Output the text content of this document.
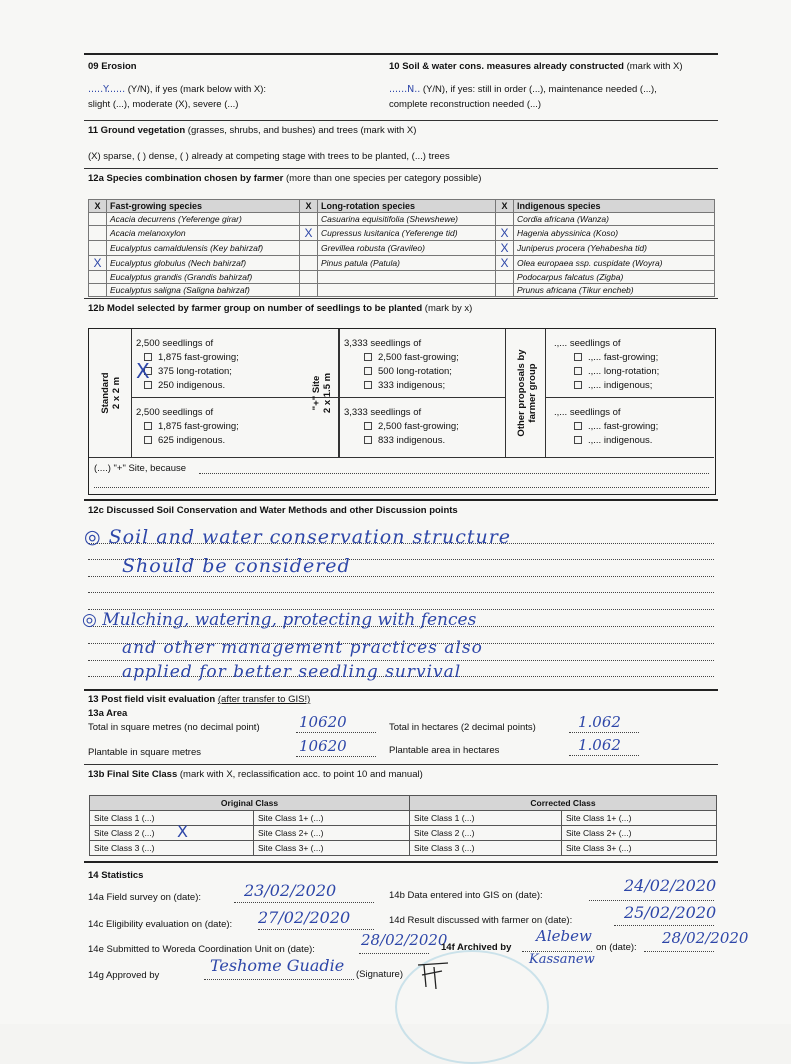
09 Erosion
.....Y...... (Y/N), if yes (mark below with X):
slight (...), moderate (X), severe (...)
10 Soil & water cons. measures already constructed (mark with X)
......N.. (Y/N), if yes: still in order (...), maintenance needed (...),
complete reconstruction needed (...)
11 Ground vegetation (grasses, shrubs, and bushes) and trees (mark with X)
(X) sparse, ( ) dense, ( ) already at competing stage with trees to be planted, (...) trees
12a Species combination chosen by farmer (more than one species per category possible)
X	Fast-growing species	X	Long-rotation species	X	Indigenous species
	Acacia decurrens (Yeferenge girar)		Casuarina equisitifolia (Shewshewe)		Cordia africana (Wanza)
	Acacia melanoxylon	X	Cupressus lusitanica (Yeferenge tid)	X	Hagenia abyssinica (Koso)
	Eucalyptus camaldulensis (Key bahirzaf)		Grevillea robusta (Gravileo)	X	Juniperus procera (Yehabesha tid)
X	Eucalyptus globulus (Nech bahirzaf)		Pinus patula (Patula)	X	Olea europaea ssp. cuspidate (Woyra)
	Eucalyptus grandis (Grandis bahirzaf)				Podocarpus falcatus (Zigba)
	Eucalyptus saligna (Saligna bahirzaf)				Prunus africana (Tikur encheb)
12b Model selected by farmer group on number of seedlings to be planted (mark by x)
Standard
2 x 2 m
2,500 seedlings of
1,875 fast-growing;
375 long-rotation;
250 indigenous.
X
2,500 seedlings of
1,875 fast-growing;
625 indigenous.
"+" Site
2 x 1.5 m
3,333 seedlings of
2,500 fast-growing;
500 long-rotation;
333 indigenous;
3,333 seedlings of
2,500 fast-growing;
833 indigenous.
Other proposals by
farmer group
.,... seedlings of
.,... fast-growing;
.,... long-rotation;
.,... indigenous;
.,... seedlings of
.,... fast-growing;
.,... indigenous.
(....) "+" Site, because
12c Discussed Soil Conservation and Water Methods and other Discussion points
◎ Soil and water conservation structure
Should be considered
◎ Mulching, watering, protecting with fences
and other management practices also
applied for better seedling survival
13 Post field visit evaluation (after transfer to GIS!)
13a Area
Total in square metres (no decimal point)	10620	Total in hectares (2 decimal points)	1.062
Plantable in square metres	10620	Plantable area in hectares	1.062
13b Final Site Class (mark with X, reclassification acc. to point 10 and manual)
Original Class		Corrected Class	
Site Class 1 (...)	Site Class 1+ (...)	Site Class 1 (...)	Site Class 1+ (...)
Site Class 2 (...)	Site Class 2+ (...)	Site Class 2 (...)	Site Class 2+ (...)
Site Class 3 (...)	Site Class 3+ (...)	Site Class 3 (...)	Site Class 3+ (...)
X
14 Statistics
14a Field survey on (date):	23/02/2020	14b Data entered into GIS on (date):
24/02/2020
14c Eligibility evaluation on (date): 27/02/2020	14d Result discussed with farmer on (date):	25/02/2020
14e Submitted to Woreda Coordination Unit on (date):
28/02/2020
14f Archived by
Alebew
Kassanew
on (date):
28/02/2020
14g Approved by
Teshome Guadie (Signature)
